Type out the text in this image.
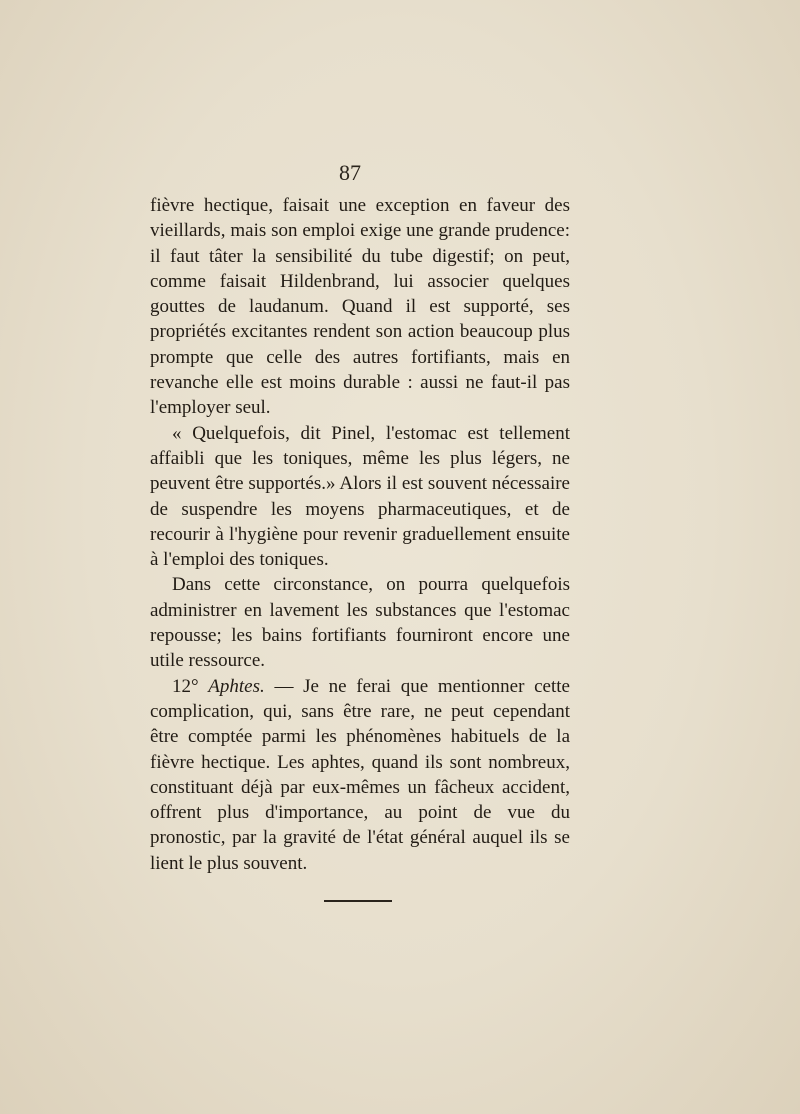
87

fièvre hectique, faisait une exception en faveur des vieillards, mais son emploi exige une grande prudence: il faut tâter la sensibilité du tube digestif; on peut, comme faisait Hildenbrand, lui associer quelques gouttes de laudanum. Quand il est supporté, ses propriétés excitantes rendent son action beaucoup plus prompte que celle des autres fortifiants, mais en revanche elle est moins durable : aussi ne faut-il pas l'employer seul.

« Quelquefois, dit Pinel, l'estomac est tellement affaibli que les toniques, même les plus légers, ne peuvent être supportés.» Alors il est souvent nécessaire de suspendre les moyens pharmaceutiques, et de recourir à l'hygiène pour revenir graduellement ensuite à l'emploi des toniques.

Dans cette circonstance, on pourra quelquefois administrer en lavement les substances que l'estomac repousse; les bains fortifiants fourniront encore une utile ressource.

12° Aphtes. — Je ne ferai que mentionner cette complication, qui, sans être rare, ne peut cependant être comptée parmi les phénomènes habituels de la fièvre hectique. Les aphtes, quand ils sont nombreux, constituant déjà par eux-mêmes un fâcheux accident, offrent plus d'importance, au point de vue du pronostic, par la gravité de l'état général auquel ils se lient le plus souvent.
